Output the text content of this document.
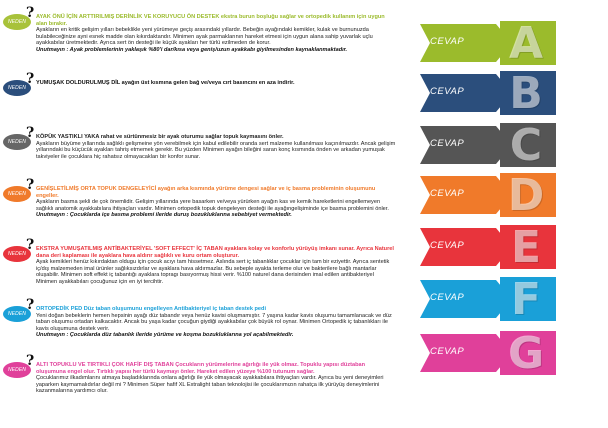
NEDEN
? AYAK ÖNÜ İÇİN ARTTIRILMIŞ DERİNLİK VE KORUYUCU ÖN DESTEK ekstra burun boşluğu sağlar ve ortopedik kullanım için uygun alan bırakır.
Ayakların en kritik gelişim yılları bebeklikle yeni yürümeye geçiş arasındaki yıllardır. Bebeğin ayağındaki kemikler, kulak ve burnunuzda bulabileceğinize ayni esnek madde olan kıkırdaktandır. Minimen ayak parmaklarının hareket etmesi için uygun alana sahip yuvarlak uçlu ayakkabılar üretmektedir. Ayrıca sert ön desteği ile küçük ayakları her türlü ezilmeden de korur.
Unutmayın : Ayak problemlerinin yaklaşık %80'i dar/kısa veya geniş/uzun ayakkabı giyilmesinden kaynaklanmaktadır.
CEVAP A
NEDEN
? YUMUŞAK DOLDURULMUŞ DİL ayağın üst kısmına gelen bağ ve/veya cırt basıncını en aza indirir.
CEVAP B
NEDEN
? KÖPÜK YASTIKLI YAKA rahat ve sürtünmesiz bir ayak oturumu sağlar topuk kaymasını önler.
Ayakların büyüme yıllarında sağlıklı gelişmeine yön verebilmek için kabul edilebilir oranda sert malzeme kullanılması kaçınılmazdır. Ancak gelişim yıllarındaki bu küçücük ayakları tahriş etmemek gerekir. Bu yüzden Minimen ayağın bileğini saran konç kısmında önden ve arkadan yumuşak takviyeler ile çocuklara hiç rahatsız olmayacakları bir konfor sunar.
CEVAP C
NEDEN
? GENİŞLETİLMİŞ ORTA TOPUK DENGELEYİCİ ayağın arka kısmında yürüme dengesi sağlar ve iç basma probleminin oluşumunu engeller.
Ayakların basma şekli de çok önemlidir. Gelişim yıllarında yere basarken ve/veya yürürken ayağın kas ve kemik hareketlerini engellemeyen sağlıklı anatomik ayakkabılara ihtiyaçları vardır. Minimen ortopedik topuk dengeleyen desteği ile ayağıngelişiminde içe basma problemini önler.
Unutmayın : Çocuklarda içe basma problemi ileride duruş bozukluklarına sebebiyet vermektedir.
CEVAP D
NEDEN
? EKSTRA YUMUŞATILMIŞ ANTİBAKTERİYEL 'SOFT EFFECT' İÇ TABAN ayaklara kolay ve konforlu yürüyüş imkanı sunar. Ayrıca Naturel dana deri kaplaması ile ayaklara hava aldırır sağlıklı ve kuru ortam oluşturur.
Ayak kemikleri henüz kıkırdaktan oldugu için çocuk acıyı tam hissetmez. Aslında sert iç tabanlıklar çocuklar için tam bir eziyettir. Ayrıca sentetik iç/dış malzemeden imal ürünler sağlıksızdırlar ve ayaklara hava aldırmazlar. Bu sebeple ayakta terleme olur ve bakterilere bağlı mantarlar oluşabilir. Minimen soft effekt iç tabantığı ayaklara topragı basıyormuş hissi verir. %100 naturel dana derisinden imal edilen antibakteriyel Minimen ayakkabıları çocuğunuz için en iyi tercihtir.
CEVAP E
NEDEN
? ORTOPEDİK PED Düz taban oluşumunu engelleyen Antibakteriyel iç taban destek pedi
Yeni doğan bebeklerin hemen hepsinin ayağı düz tabandır veya henüz kavisi oluşmamıştır. 7 yaşına kadar kavis oluşumu tamamlanacak ve düz taban oluşumu ortadan kalkacaktır. Ancak bu yaşa kadar çocuğun giydiği ayakkabılar çok büyük rol oynar. Minimen Ortopedik iç tabanlıkları ile kavis oluşumuna destek verir.
Unutmayın : Çocuklarda düz tabanlık ileride yürüme ve koşma bozukluklarına yol açabilmektedir.
CEVAP F
NEDEN
? ALTI TOPUKLU VE TIRTIKLI ÇOK HAFİF DIŞ TABAN Çocukların yürümelerine ağırlığı ile yük olmaz. Topuklu yapısı düztaban oluşumuna engel olur. Tırtıklı yapısı her türlü kaymayı önler. Hareket edilen yüzeye %100 tutunum sağlar.
Çocuklarımız ilkadımlarını atmaya başladıklarında onlara ağırlığı ile yük olmayacak ayakkabılara ihtiyaçları vardır. Ayrıca bu yeni deneyimleri yaparken kaymamalıdırlar değil mi ? Minimen Süper hafif XL Extralight taban teknolojisi ile çocuklarımızın rahatça ilk yürüyüş deneyimlerini kazanmalarına yardımcı olur.
CEVAP G
